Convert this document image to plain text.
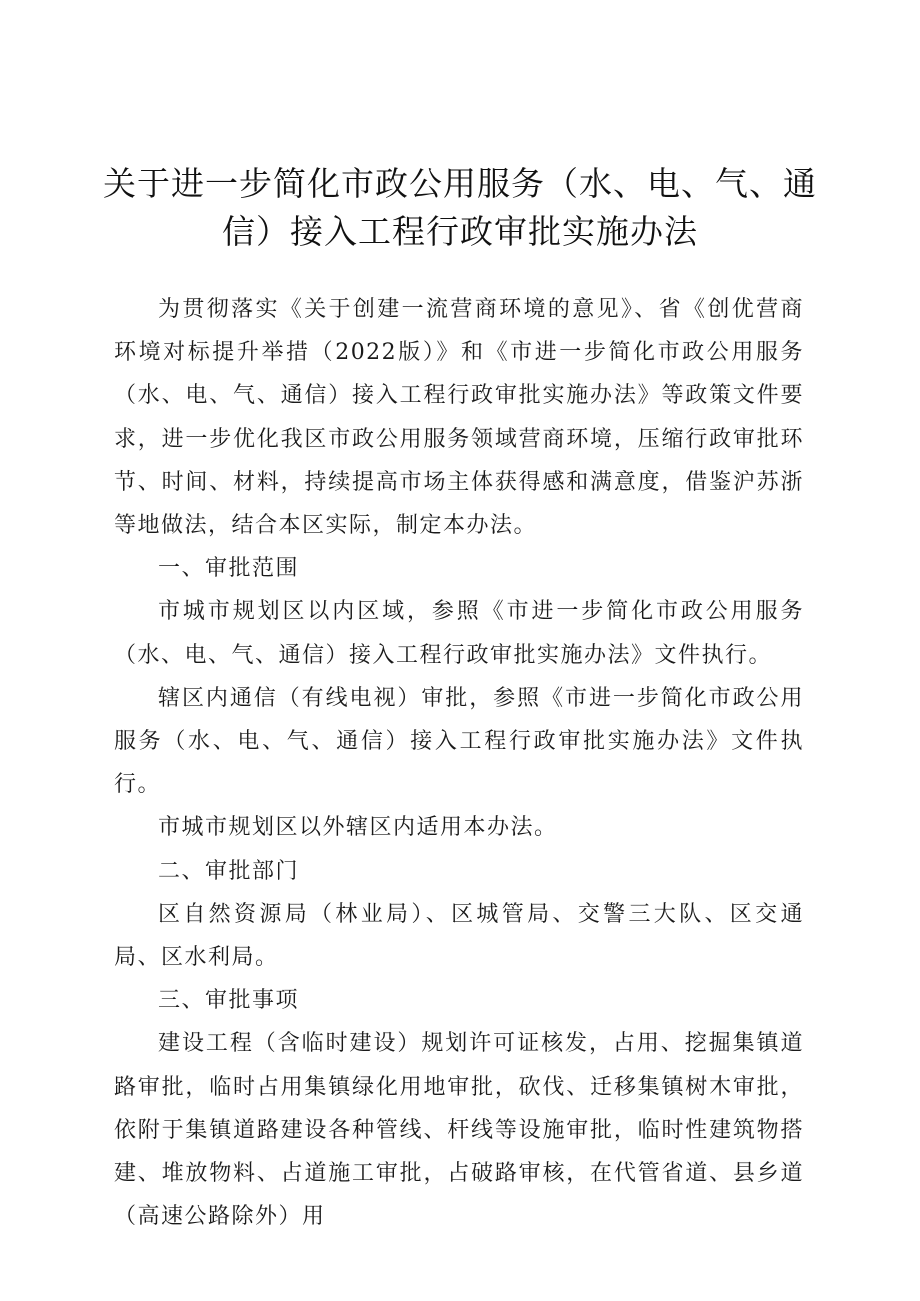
关于进一步简化市政公用服务（水、电、气、通
信）接入工程行政审批实施办法

为贯彻落实《关于创建一流营商环境的意见》、省《创优营商环境对标提升举措（2022版）》和《市进一步简化市政公用服务（水、电、气、通信）接入工程行政审批实施办法》等政策文件要求，进一步优化我区市政公用服务领域营商环境，压缩行政审批环节、时间、材料，持续提高市场主体获得感和满意度，借鉴沪苏浙等地做法，结合本区实际，制定本办法。

一、审批范围

市城市规划区以内区域，参照《市进一步简化市政公用服务（水、电、气、通信）接入工程行政审批实施办法》文件执行。

辖区内通信（有线电视）审批，参照《市进一步简化市政公用服务（水、电、气、通信）接入工程行政审批实施办法》文件执行。

市城市规划区以外辖区内适用本办法。

二、审批部门

区自然资源局（林业局）、区城管局、交警三大队、区交通局、区水利局。

三、审批事项

建设工程（含临时建设）规划许可证核发，占用、挖掘集镇道路审批，临时占用集镇绿化用地审批，砍伐、迁移集镇树木审批，依附于集镇道路建设各种管线、杆线等设施审批，临时性建筑物搭建、堆放物料、占道施工审批，占破路审核，在代管省道、县乡道（高速公路除外）用
